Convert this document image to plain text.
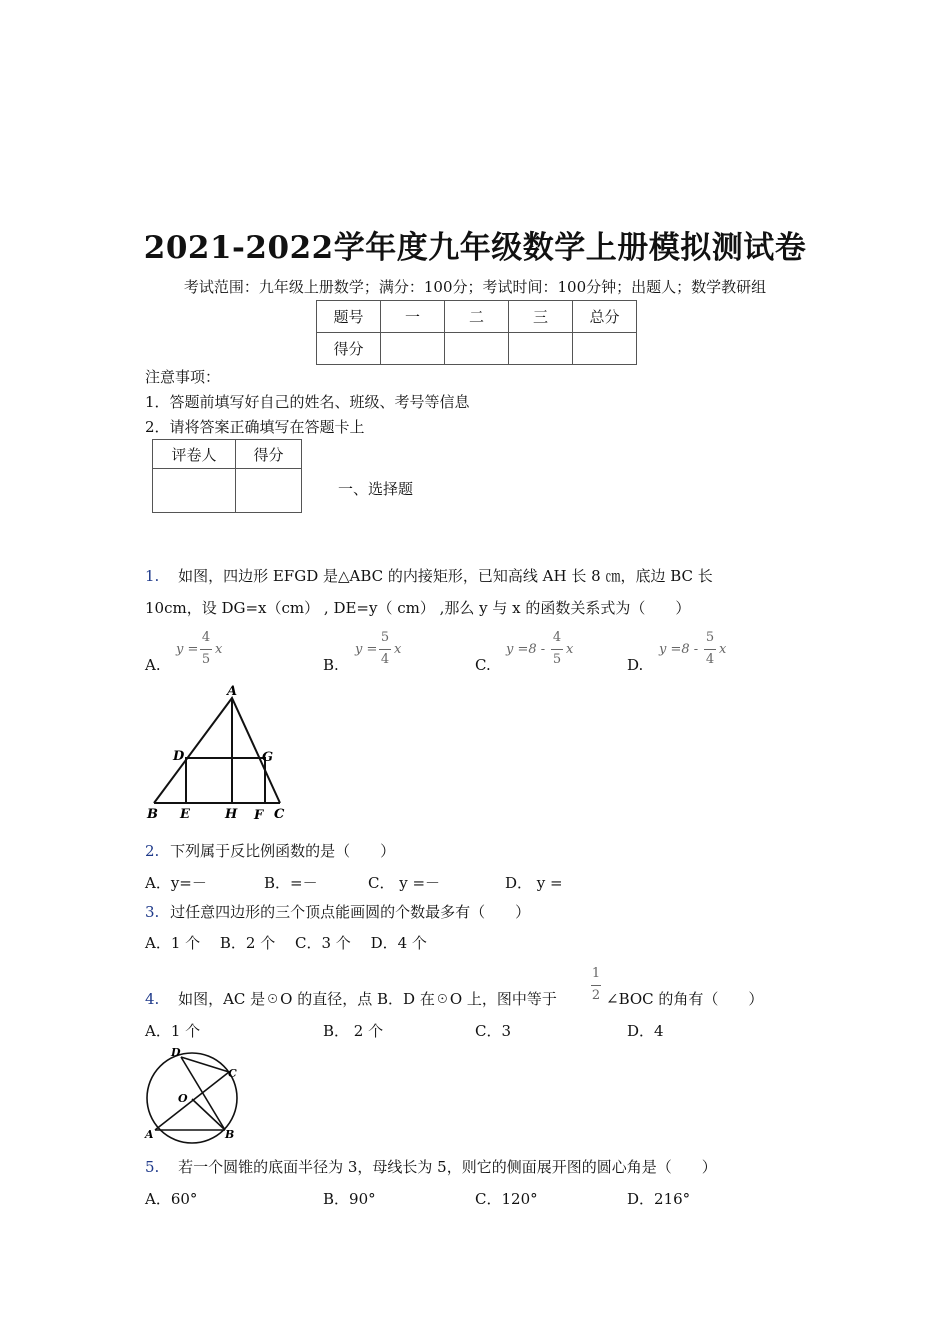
2021-2022学年度九年级数学上册模拟测试卷
考试范围：九年级上册数学；满分：100分；考试时间：100分钟；出题人；数学教研组
题号	一	二	三	总分
得分				
注意事项：
1．答题前填写好自己的姓名、班级、考号等信息
2．请将答案正确填写在答题卡上
评卷人	得分

一、选择题
1. 如图，四边形 EFGD 是△ABC 的内接矩形，已知高线 AH 长 8 ㎝，底边 BC 长
10cm，设 DG=x（cm） , DE=y（ cm） ,那么 y 与 x 的函数关系式为（　　）
A.
y =
4
5
x
B.
y =
5
4
x
C.
y =8 -
4
5
x
D.
y =8 -
5
4
x
A
D	G
B E	H F C
2. 下列属于反比例函数的是（　　）
A．y=－	B．=－	C． y =－	D． y =
3. 过任意四边形的三个顶点能画圆的个数最多有（　　）
A．1 个　 B．2 个　 C．3 个　 D．4 个
4. 如图，AC 是☉O 的直径，点 B．D 在☉O 上，图中等于
1
2 ∠BOC 的角有（　　）
A．1 个	B． 2 个	C．3	D．4
D
C
O
A	B
5. 若一个圆锥的底面半径为 3，母线长为 5，则它的侧面展开图的圆心角是（　　）
A．60°	B．90°	C．120°	D．216°
